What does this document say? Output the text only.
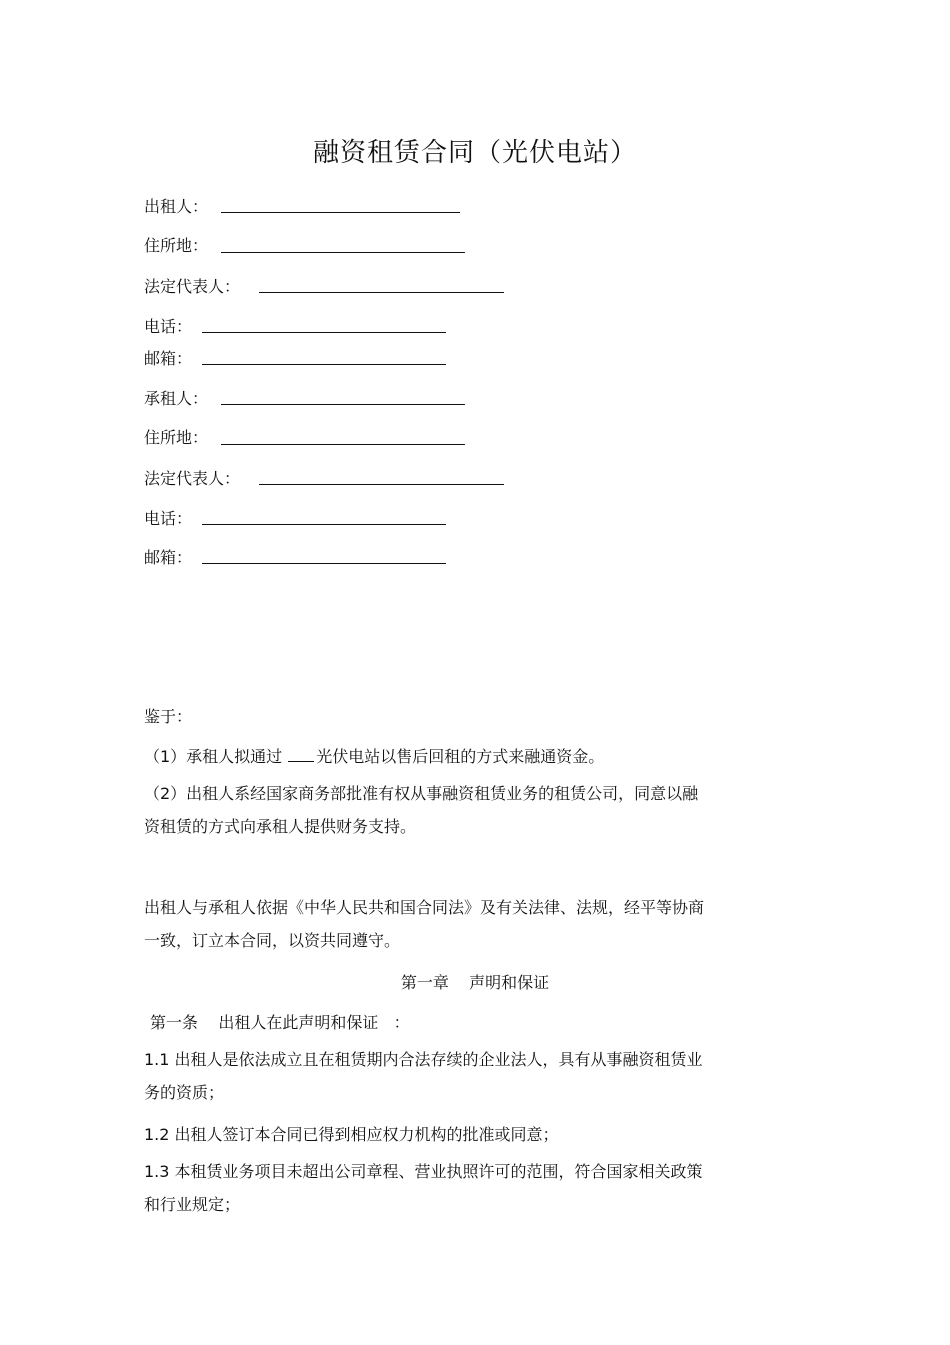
融资租赁合同（光伏电站）
出租人：
住所地：
法定代表人：
电话：
邮箱：
承租人：
住所地：
法定代表人：
电话：
邮箱：
鉴于：
（1）承租人拟通过 光伏电站以售后回租的方式来融通资金。
（2）出租人系经国家商务部批准有权从事融资租赁业务的租赁公司，同意以融
资租赁的方式向承租人提供财务支持。
出租人与承租人依据《中华人民共和国合同法》及有关法律、法规，经平等协商
一致，订立本合同，以资共同遵守。
第一章    声明和保证
第一条    出租人在此声明和保证   ：
1.1 出租人是依法成立且在租赁期内合法存续的企业法人，具有从事融资租赁业
务的资质；
1.2 出租人签订本合同已得到相应权力机构的批准或同意；
1.3 本租赁业务项目未超出公司章程、营业执照许可的范围，符合国家相关政策
和行业规定；
